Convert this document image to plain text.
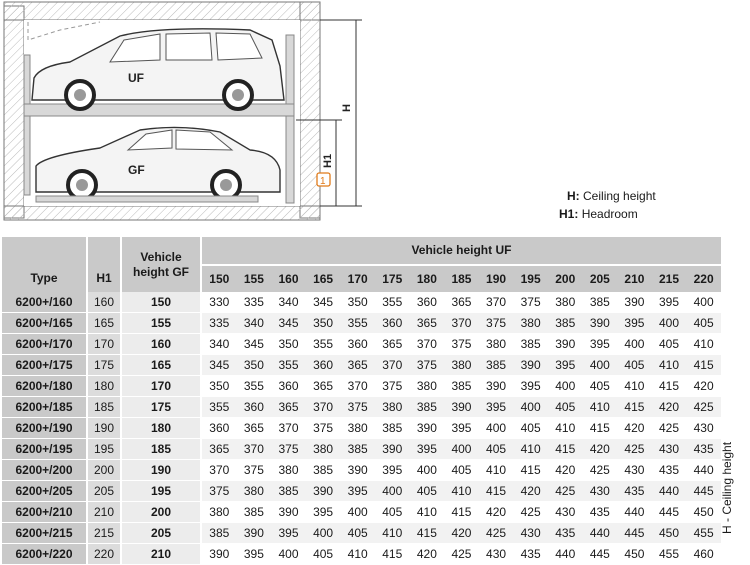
UF
GF
H
H1
1
H: Ceiling height
H1: Headroom
Type	H1	Vehicle
height GF	Vehicle height UF															
			150	155	160	165	170	175	180	185	190	195	200	205	210	215	220	
6200+/160	160	150	330	335	340	345	350	355	360	365	370	375	380	385	390	395	400	
6200+/165	165	155	335	340	345	350	355	360	365	370	375	380	385	390	395	400	405	
6200+/170	170	160	340	345	350	355	360	365	370	375	380	385	390	395	400	405	410	
6200+/175	175	165	345	350	355	360	365	370	375	380	385	390	395	400	405	410	415	
6200+/180	180	170	350	355	360	365	370	375	380	385	390	395	400	405	410	415	420	
6200+/185	185	175	355	360	365	370	375	380	385	390	395	400	405	410	415	420	425	
6200+/190	190	180	360	365	370	375	380	385	390	395	400	405	410	415	420	425	430	
6200+/195	195	185	365	370	375	380	385	390	395	400	405	410	415	420	425	430	435	
6200+/200	200	190	370	375	380	385	390	395	400	405	410	415	420	425	430	435	440	
6200+/205	205	195	375	380	385	390	395	400	405	410	415	420	425	430	435	440	445	
6200+/210	210	200	380	385	390	395	400	405	410	415	420	425	430	435	440	445	450	
6200+/215	215	205	385	390	395	400	405	410	415	420	425	430	435	440	445	450	455	
6200+/220	220	210	390	395	400	405	410	415	420	425	430	435	440	445	450	455	460	
H - Ceiling height
